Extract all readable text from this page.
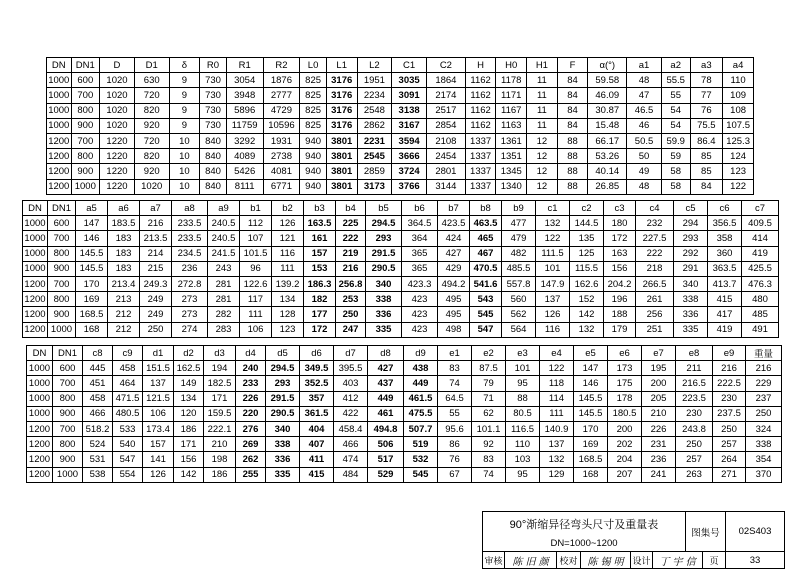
DN	DN1	D	D1	δ	R0	R1	R2	L0	L1	L2	C1	C2	H	H0	H1	F	α(°)	a1	a2	a3	a4
1000	600	1020	630	9	730	3054	1876	825	3176	1951	3035	1864	1162	1178	11	84	59.58	48	55.5	78	110
1000	700	1020	720	9	730	3948	2777	825	3176	2234	3091	2174	1162	1171	11	84	46.09	47	55	77	109
1000	800	1020	820	9	730	5896	4729	825	3176	2548	3138	2517	1162	1167	11	84	30.87	46.5	54	76	108
1000	900	1020	920	9	730	11759	10596	825	3176	2862	3167	2854	1162	1163	11	84	15.48	46	54	75.5	107.5
1200	700	1220	720	10	840	3292	1931	940	3801	2231	3594	2108	1337	1361	12	88	66.17	50.5	59.9	86.4	125.3
1200	800	1220	820	10	840	4089	2738	940	3801	2545	3666	2454	1337	1351	12	88	53.26	50	59	85	124
1200	900	1220	920	10	840	5426	4081	940	3801	2859	3724	2801	1337	1345	12	88	40.14	49	58	85	123
1200	1000	1220	1020	10	840	8111	6771	940	3801	3173	3766	3144	1337	1340	12	88	26.85	48	58	84	122
DN	DN1	a5	a6	a7	a8	a9	b1	b2	b3	b4	b5	b6	b7	b8	b9	c1	c2	c3	c4	c5	c6	c7
1000	600	147	183.5	216	233.5	240.5	112	126	163.5	225	294.5	364.5	423.5	463.5	477	132	144.5	180	232	294	356.5	409.5
1000	700	146	183	213.5	233.5	240.5	107	121	161	222	293	364	424	465	479	122	135	172	227.5	293	358	414
1000	800	145.5	183	214	234.5	241.5	101.5	116	157	219	291.5	365	427	467	482	111.5	125	163	222	292	360	419
1000	900	145.5	183	215	236	243	96	111	153	216	290.5	365	429	470.5	485.5	101	115.5	156	218	291	363.5	425.5
1200	700	170	213.4	249.3	272.8	281	122.6	139.2	186.3	256.8	340	423.3	494.2	541.6	557.8	147.9	162.6	204.2	266.5	340	413.7	476.3
1200	800	169	213	249	273	281	117	134	182	253	338	423	495	543	560	137	152	196	261	338	415	480
1200	900	168.5	212	249	273	282	111	128	177	250	336	423	495	545	562	126	142	188	256	336	417	485
1200	1000	168	212	250	274	283	106	123	172	247	335	423	498	547	564	116	132	179	251	335	419	491
DN	DN1	c8	c9	d1	d2	d3	d4	d5	d6	d7	d8	d9	e1	e2	e3	e4	e5	e6	e7	e8	e9	重量
1000	600	445	458	151.5	162.5	194	240	294.5	349.5	395.5	427	438	83	87.5	101	122	147	173	195	211	216	216
1000	700	451	464	137	149	182.5	233	293	352.5	403	437	449	74	79	95	118	146	175	200	216.5	222.5	229
1000	800	458	471.5	121.5	134	171	226	291.5	357	412	449	461.5	64.5	71	88	114	145.5	178	205	223.5	230	237
1000	900	466	480.5	106	120	159.5	220	290.5	361.5	422	461	475.5	55	62	80.5	111	145.5	180.5	210	230	237.5	250
1200	700	518.2	533	173.4	186	222.1	276	340	404	458.4	494.8	507.7	95.6	101.1	116.5	140.9	170	200	226	243.8	250	324
1200	800	524	540	157	171	210	269	338	407	466	506	519	86	92	110	137	169	202	231	250	257	338
1200	900	531	547	141	156	198	262	336	411	474	517	532	76	83	103	132	168.5	204	236	257	264	354
1200	1000	538	554	126	142	186	255	335	415	484	529	545	67	74	95	129	168	207	241	263	271	370
90°渐缩异径弯头尺寸及重量表
DN=1000~1200
图集号 02S403
审核 陈 旧 颜 校对 陈 锡 明 设计 丁 宇 信 页	33
